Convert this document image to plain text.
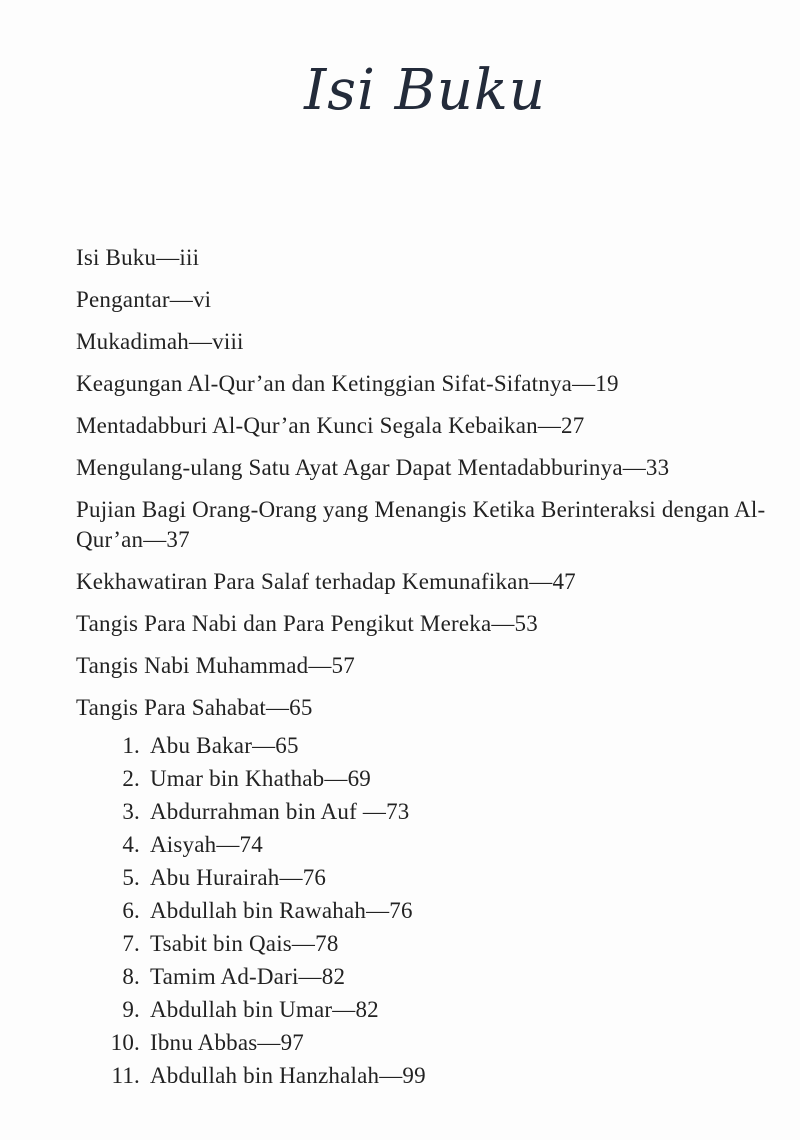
Isi Buku
Isi Buku—iii
Pengantar—vi
Mukadimah—viii
Keagungan Al-Qur’an dan Ketinggian Sifat-Sifatnya—19
Mentadabburi Al-Qur’an Kunci Segala Kebaikan—27
Mengulang-ulang Satu Ayat Agar Dapat Mentadabburinya—33
Pujian Bagi Orang-Orang yang Menangis Ketika Berinteraksi dengan Al-Qur’an—37
Kekhawatiran Para Salaf terhadap Kemunafikan—47
Tangis Para Nabi dan Para Pengikut Mereka—53
Tangis Nabi Muhammad—57
Tangis Para Sahabat—65
1. Abu Bakar—65
2. Umar bin Khathab—69
3. Abdurrahman bin Auf —73
4. Aisyah—74
5. Abu Hurairah—76
6. Abdullah bin Rawahah—76
7. Tsabit bin Qais—78
8. Tamim Ad-Dari—82
9. Abdullah bin Umar—82
10. Ibnu Abbas—97
11. Abdullah bin Hanzhalah—99
